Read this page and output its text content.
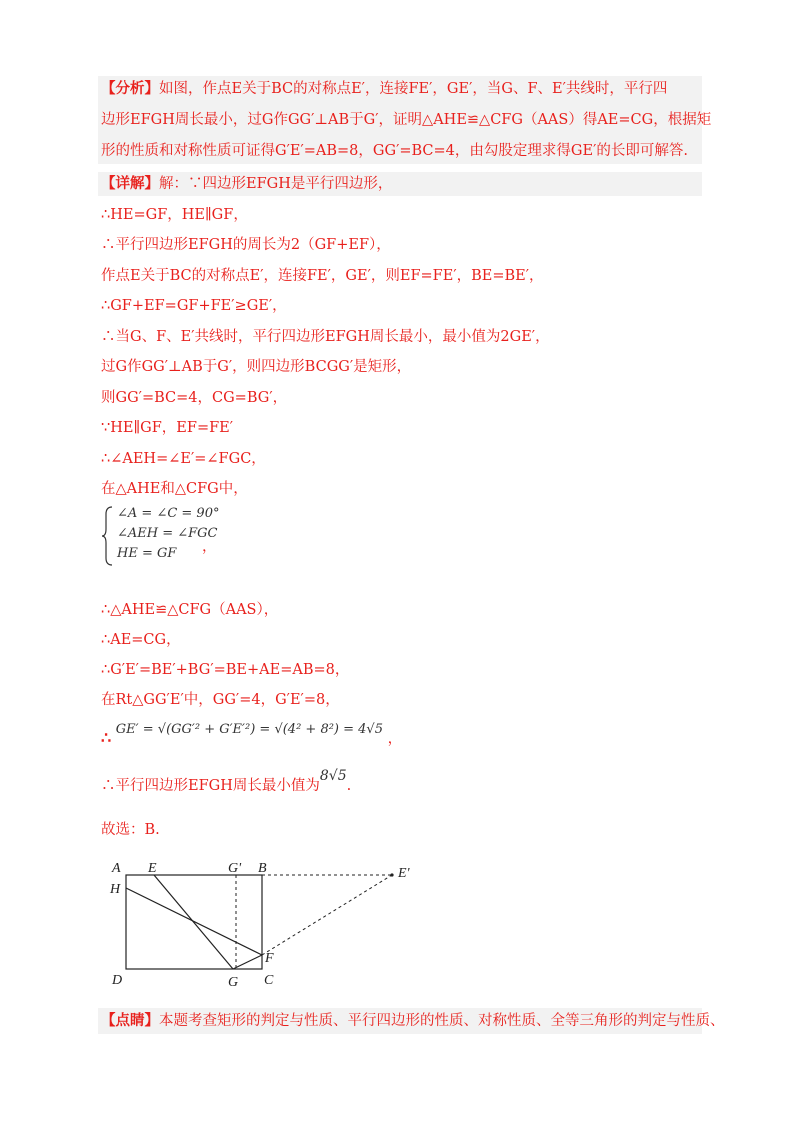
【分析】如图，作点E关于BC的对称点E′，连接FE′，GE′，当G、F、E′共线时，平行四
边形EFGH周长最小，过G作GG′⊥AB于G′，证明△AHE≌△CFG（AAS）得AE=CG，根据矩
形的性质和对称性质可证得G′E′=AB=8，GG′=BC=4，由勾股定理求得GE′的长即可解答.
【详解】解：∵四边形EFGH是平行四边形，
∴HE=GF，HE∥GF，
∴平行四边形EFGH的周长为2（GF+EF），
作点E关于BC的对称点E′，连接FE′，GE′，则EF=FE′，BE=BE′，
∴GF+EF=GF+FE′≥GE′，
∴当G、F、E′共线时，平行四边形EFGH周长最小，最小值为2GE′，
过G作GG′⊥AB于G′，则四边形BCGG′是矩形，
则GG′=BC=4，CG=BG′，
∵HE∥GF，EF=FE′
∴∠AEH=∠E′=∠FGC，
在△AHE和△CFG中，
∠A = ∠C = 90°
∠AEH = ∠FGC
HE = GF ，
∴△AHE≌△CFG（AAS），
∴AE=CG，
∴G′E′=BE′+BG′=BE+AE=AB=8，
在Rt△GG′E′中，GG′=4，G′E′=8，
∴ GE′ = √(GG′² + G′E′²) = √(4² + 8²) = 4√5 ，
∴平行四边形EFGH周长最小值为8√5.
故选：B.
A E	G' B	E'
H
F
D	G C
【点睛】本题考查矩形的判定与性质、平行四边形的性质、对称性质、全等三角形的判定与性质、
